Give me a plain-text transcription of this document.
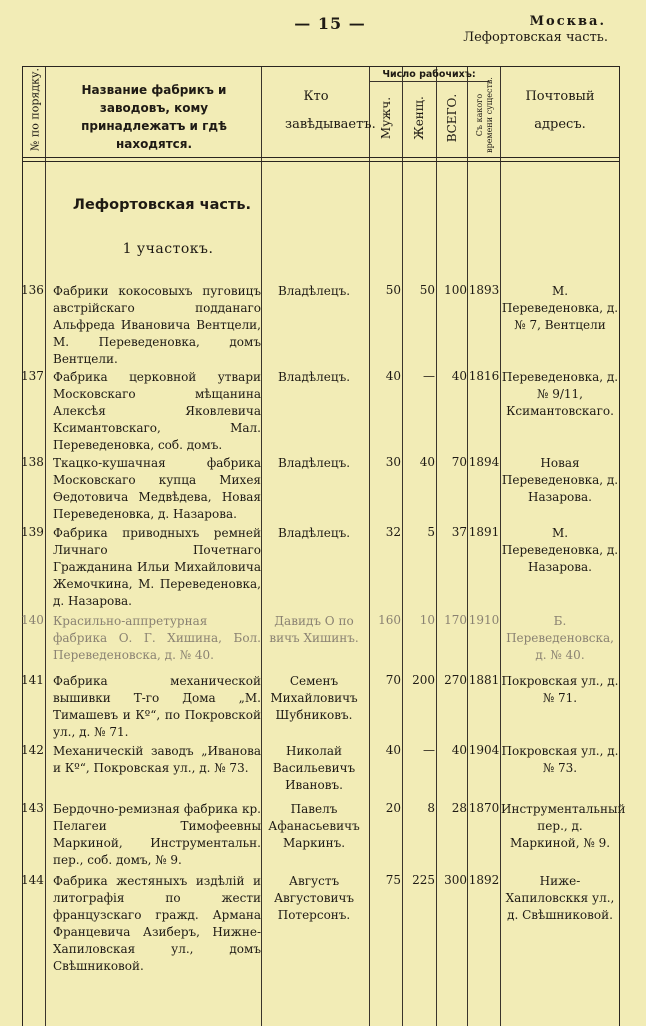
— 15 —	Москва.
Лефортовская часть.
№ по порядку.	Название фабрикъ и заводовъ, кому принадлежатъ и гдѣ находятся.
Кто завѣдываетъ.
Число рабочихъ:
Мужч. Женщ. ВСЕГО. Съ какого времени существ.	Почтовый адресъ.
Лефортовская часть.
1 участокъ.
136 Фабрики кокосовыхъ пуговицъ австрійскаго подданаго Альфреда Ивановича Вентцели, М. Переведеновка, домъ Вентцели.
Владѣлецъ.	50	50 100 1893	М. Переведеновка, д. № 7, Вентцели
137 Фабрика церковной утвари Московскаго мѣщанина Алексѣя Яковлевича Ксимантовскаго, Мал. Переведеновка, соб. домъ.
Владѣлецъ.	40	—	40 1816 Переведеновка, д. № 9/11, Ксимантовскаго.
138 Ткацко-кушачная фабрика Московскаго купца Михея Ѳедотовича Медвѣдева, Новая Переведеновка, д. Назарова.
Владѣлецъ.	30	40	70 1894	Новая Переведеновка, д. Назарова.
139 Фабрика приводныхъ ремней Личнаго Почетнаго Гражданина Ильи Михайловича Жемочкина, М. Переведеновка, д. Назарова.
Владѣлецъ.	32	5	37 1891	М. Переведеновка, д. Назарова.
140 Красильно-аппретурная фабрика О. Г. Хишина, Бол. Переведеновска, д. № 40.
Давидъ О по вичъ Хишинъ.
160	10 170 1910	Б. Переведеновска, д. № 40.
141 Фабрика механической вышивки Т-го Дома „М. Тимашевъ и Кº“, по Покровской ул., д. № 71.
Семенъ Михайловичъ Шубниковъ.
70 200 270 1881 Покровская ул., д. № 71.
142 Механическій заводъ „Иванова и Кº“, Покровская ул., д. № 73.
Николай Васильевичъ Ивановъ.
40	—	40 1904 Покровская ул., д. № 73.
143 Бердочно-ремизная фабрика кр. Пелагеи Тимофеевны Маркиной, Инструментальн. пер., соб. домъ, № 9.
Павелъ Афанасьевичъ Маркинъ.
20	8	28 1870 Инструментальный пер., д. Маркиной, № 9.
144 Фабрика жестяныхъ издѣлій и литографія по жести французскаго гражд. Армана Францевича Азиберъ, Нижне-Хапиловская ул., домъ Свѣшниковой.
Августъ Августовичъ Потерсонъ.
75 225 300 1892	Ниже-Хапиловсккя ул., д. Свѣшниковой.
